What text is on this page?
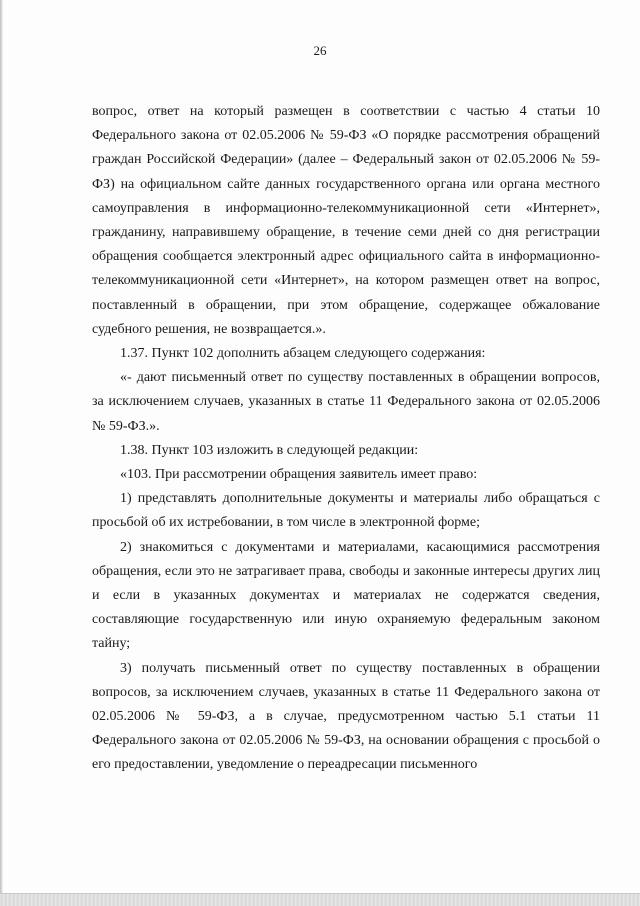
26

вопрос, ответ на который размещен в соответствии с частью 4 статьи 10 Федерального закона от 02.05.2006 № 59-ФЗ «О порядке рассмотрения обращений граждан Российской Федерации» (далее – Федеральный закон от 02.05.2006 № 59-ФЗ) на официальном сайте данных государственного органа или органа местного самоуправления в информационно-телекоммуникационной сети «Интернет», гражданину, направившему обращение, в течение семи дней со дня регистрации обращения сообщается электронный адрес официального сайта в информационно-телекоммуникационной сети «Интернет», на котором размещен ответ на вопрос, поставленный в обращении, при этом обращение, содержащее обжалование судебного решения, не возвращается.».

1.37. Пункт 102 дополнить абзацем следующего содержания:

«- дают письменный ответ по существу поставленных в обращении вопросов, за исключением случаев, указанных в статье 11 Федерального закона от 02.05.2006 № 59-ФЗ.».

1.38. Пункт 103 изложить в следующей редакции:

«103. При рассмотрении обращения заявитель имеет право:

1) представлять дополнительные документы и материалы либо обращаться с просьбой об их истребовании, в том числе в электронной форме;

2) знакомиться с документами и материалами, касающимися рассмотрения обращения, если это не затрагивает права, свободы и законные интересы других лиц и если в указанных документах и материалах не содержатся сведения, составляющие государственную или иную охраняемую федеральным законом тайну;

3) получать письменный ответ по существу поставленных в обращении вопросов, за исключением случаев, указанных в статье 11 Федерального закона от 02.05.2006 № 59-ФЗ, а в случае, предусмотренном частью 5.1 статьи 11 Федерального закона от 02.05.2006 № 59-ФЗ, на основании обращения с просьбой о его предоставлении, уведомление о переадресации письменного
